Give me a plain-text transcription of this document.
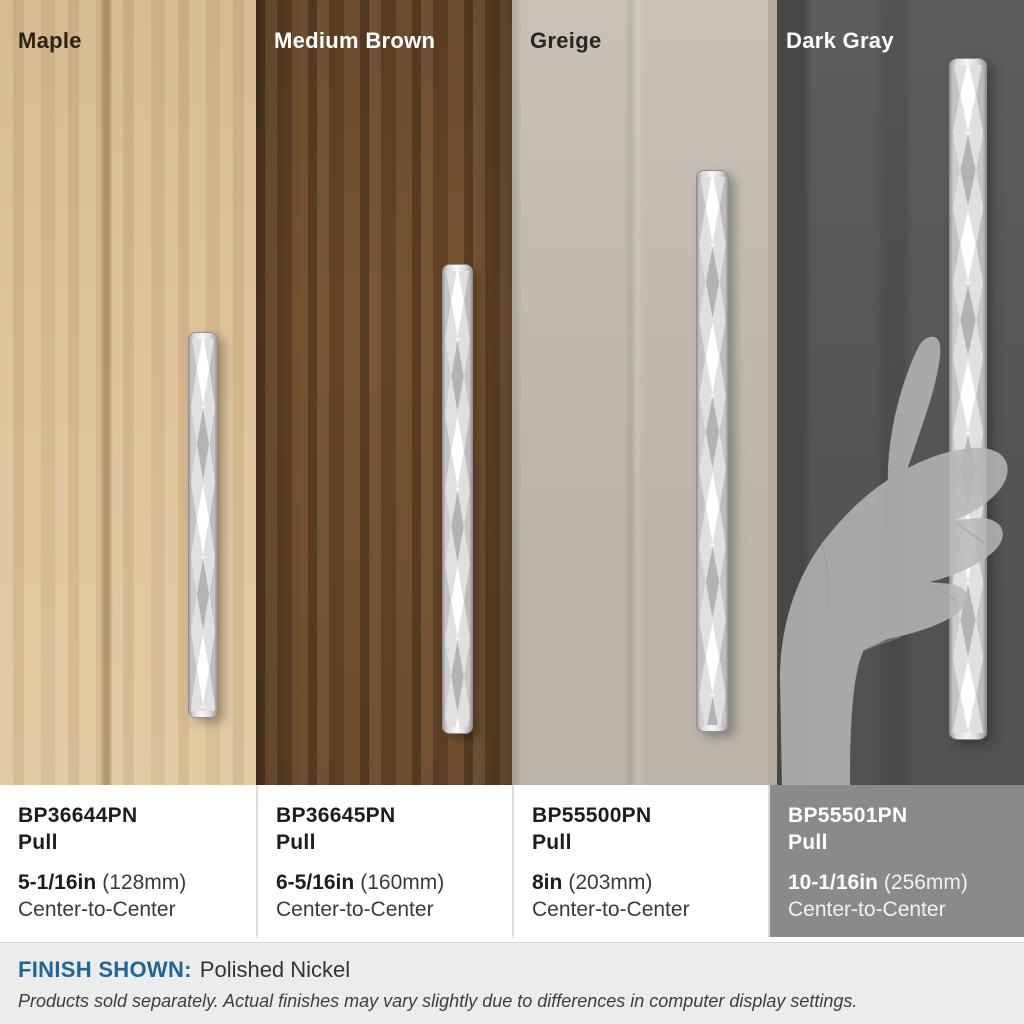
Maple	Medium Brown	Greige	Dark Gray
BP36644PN
Pull
5-1/16in (128mm)
Center-to-Center
BP36645PN
Pull
6-5/16in (160mm)
Center-to-Center
BP55500PN
Pull
8in (203mm)
Center-to-Center
BP55501PN
Pull
10-1/16in (256mm)
Center-to-Center
FINISH SHOWN: Polished Nickel
Products sold separately. Actual finishes may vary slightly due to differences in computer display settings.
